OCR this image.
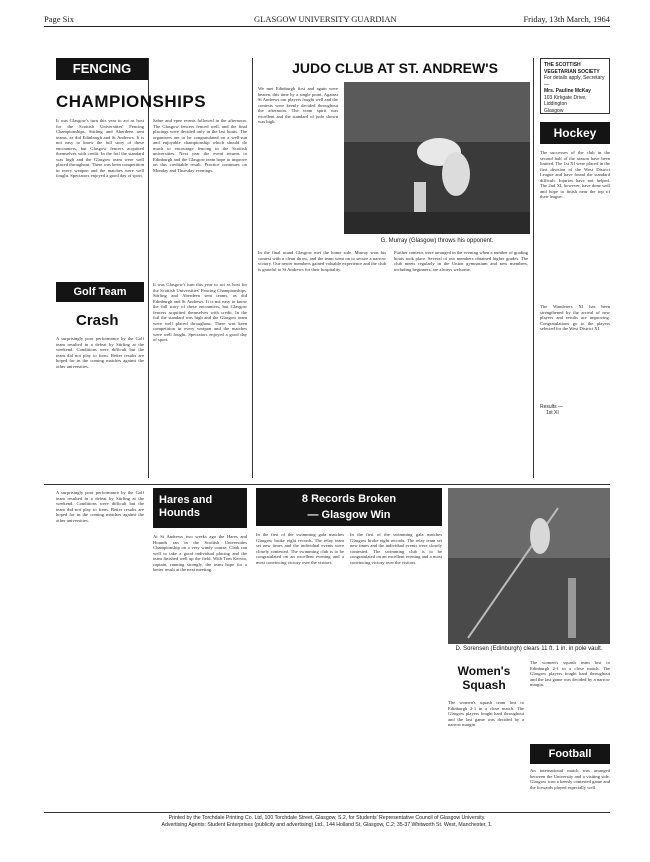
Page Six	GLASGOW UNIVERSITY GUARDIAN	Friday, 13th March, 1964
FENCING
CHAMPIONSHIPS
It was Glasgow's turn this year to act as host for the Scottish Universities' Fencing Championships. Stirling and Aberdeen sent teams, as did Edinburgh and St Andrews. It is not easy to know the full story of these encounters, but Glasgow fencers acquitted themselves with credit. In the foil the standard was high and the Glasgow team were well placed throughout. There was keen competition in every weapon and the matches were well fought. Spectators enjoyed a good day of sport.
Sabre and epee events followed in the afternoon. The Glasgow fencers fenced well, and the final placings were decided only in the last bouts. The organisers are to be congratulated on a well-run and enjoyable championship which should do much to encourage fencing in the Scottish universities. Next year the event returns to Edinburgh and the Glasgow team hope to improve on this creditable result. Practice continues on Monday and Thursday evenings.
Golf Team
Crash
A surprisingly poor performance by the Golf team resulted in a defeat by Stirling at the weekend. Conditions were difficult but the team did not play to form. Better results are hoped for in the coming matches against the other universities.
A surprisingly poor performance by the Golf team resulted in a defeat by Stirling at the weekend. Conditions were difficult but the team did not play to form. Better results are hoped for in the coming matches against the other universities.
It was Glasgow's turn this year to act as host for the Scottish Universities' Fencing Championships. Stirling and Aberdeen sent teams, as did Edinburgh and St Andrews. It is not easy to know the full story of these encounters, but Glasgow fencers acquitted themselves with credit. In the foil the standard was high and the Glasgow team were well placed throughout. There was keen competition in every weapon and the matches were well fought. Spectators enjoyed a good day of sport.
Hares and Hounds
At St Andrews two weeks ago the Hares and Hounds ran in the Scottish Universities Championship on a very windy course. Clark ran well to take a good individual placing and the team finished well up the field. With Tom Kervin, captain, running strongly, the team hope for a better result at the next meeting.
JUDO CLUB AT ST. ANDREW'S
We met Edinburgh first and again were beaten, this time by a single point. Against St Andrews our players fought well and the contests were keenly decided throughout the afternoon. The team spirit was excellent and the standard of judo shown was high.
G. Murray (Glasgow) throws his opponent.
In the final round Glasgow met the home side. Murray won his contest with a clean throw, and the team went on to secure a narrow victory. Our newer members gained valuable experience and the club is grateful to St Andrews for their hospitality.
Further contests were arranged in the evening when a number of grading bouts took place. Several of our members obtained higher grades. The club meets regularly in the Union gymnasium and new members, including beginners, are always welcome.
THE SCOTTISH VEGETARIAN SOCIETY
For details apply, Secretary—
Mrs. Pauline McKay
103 Kirkgate Drive, Liddington
Glasgow
Hockey
The successes of the club in the second half of the season have been limited. The 1st XI were placed in the first division of the West District League and have found the standard difficult. Injuries have not helped. The 2nd XI, however, have done well and hope to finish near the top of their league.
The Wanderers XI has been strengthened by the arrival of new players and results are improving. Congratulations go to the players selected for the West District XI.
Results —
1st XI
8 Records Broken
— Glasgow Win
In the first of the swimming gala matches Glasgow broke eight records. The relay team set new times and the individual events were closely contested. The swimming club is to be congratulated on an excellent evening and a most convincing victory over the visitors.
In the first of the swimming gala matches Glasgow broke eight records. The relay team set new times and the individual events were closely contested. The swimming club is to be congratulated on an excellent evening and a most convincing victory over the visitors.
D. Sorensen (Edinburgh) clears 11 ft. 1 in. in pole vault.
Women's Squash
The women's squash team lost to Edinburgh 2-1 in a close match. The Glasgow players fought hard throughout and the last game was decided by a narrow margin.
The women's squash team lost to Edinburgh 2-1 in a close match. The Glasgow players fought hard throughout and the last game was decided by a narrow margin.
Football
An international match was arranged between the University and a visiting side. Glasgow won a keenly contested game and the forwards played especially well.
Printed by the Torchdale Printing Co. Ltd, 100 Torchdale Street, Glasgow, S.2, for Students' Representative Council of Glasgow University.
Advertising Agents: Student Enterprises (publicity and advertising) Ltd., 144 Holland St, Glasgow, C.2; 35-37 Whitworth St. West, Manchester, 1.
